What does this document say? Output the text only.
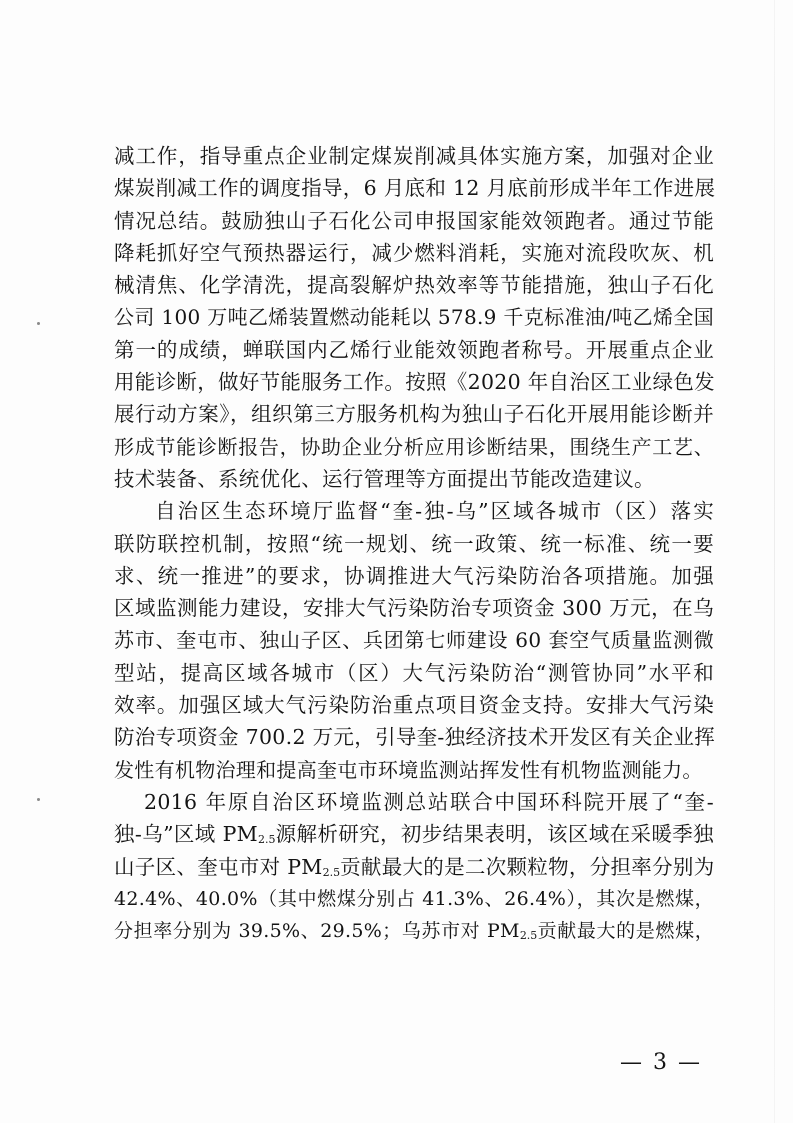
减工作，指导重点企业制定煤炭削减具体实施方案，加强对企业
煤炭削减工作的调度指导，6 月底和 12 月底前形成半年工作进展
情况总结。鼓励独山子石化公司申报国家能效领跑者。通过节能
降耗抓好空气预热器运行，减少燃料消耗，实施对流段吹灰、机
械清焦、化学清洗，提高裂解炉热效率等节能措施，独山子石化
公司 100 万吨乙烯装置燃动能耗以 578.9 千克标准油/吨乙烯全国
第一的成绩，蝉联国内乙烯行业能效领跑者称号。开展重点企业
用能诊断，做好节能服务工作。按照《2020 年自治区工业绿色发
展行动方案》，组织第三方服务机构为独山子石化开展用能诊断并
形成节能诊断报告，协助企业分析应用诊断结果，围绕生产工艺、
技术装备、系统优化、运行管理等方面提出节能改造建议。
自治区生态环境厅监督“奎-独-乌”区域各城市（区）落实
联防联控机制，按照“统一规划、统一政策、统一标准、统一要
求、统一推进”的要求，协调推进大气污染防治各项措施。加强
区域监测能力建设，安排大气污染防治专项资金 300 万元，在乌
苏市、奎屯市、独山子区、兵团第七师建设 60 套空气质量监测微
型站，提高区域各城市（区）大气污染防治“测管协同”水平和
效率。加强区域大气污染防治重点项目资金支持。安排大气污染
防治专项资金 700.2 万元，引导奎-独经济技术开发区有关企业挥
发性有机物治理和提高奎屯市环境监测站挥发性有机物监测能力。
2016 年原自治区环境监测总站联合中国环科院开展了“奎-
独-乌”区域 PM2.5源解析研究，初步结果表明，该区域在采暖季独
山子区、奎屯市对 PM2.5贡献最大的是二次颗粒物，分担率分别为
42.4%、40.0%（其中燃煤分别占 41.3%、26.4%），其次是燃煤，
分担率分别为 39.5%、29.5%；乌苏市对 PM2.5贡献最大的是燃煤，
— 3 —
